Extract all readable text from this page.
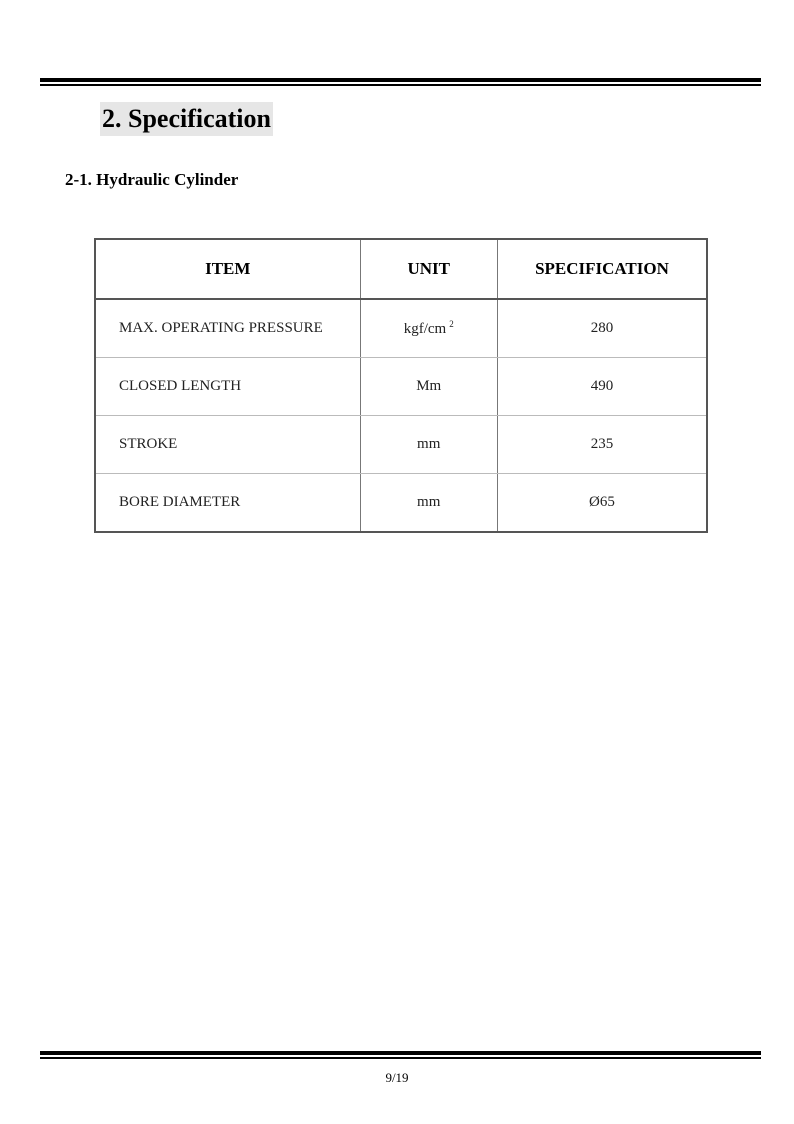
2. Specification
2-1. Hydraulic Cylinder
ITEM	UNIT	SPECIFICATION
MAX. OPERATING PRESSURE	kgf/cm $^2$	280
CLOSED LENGTH	Mm	490
STROKE	mm	235
BORE DIAMETER	mm	Ø65
9/19
